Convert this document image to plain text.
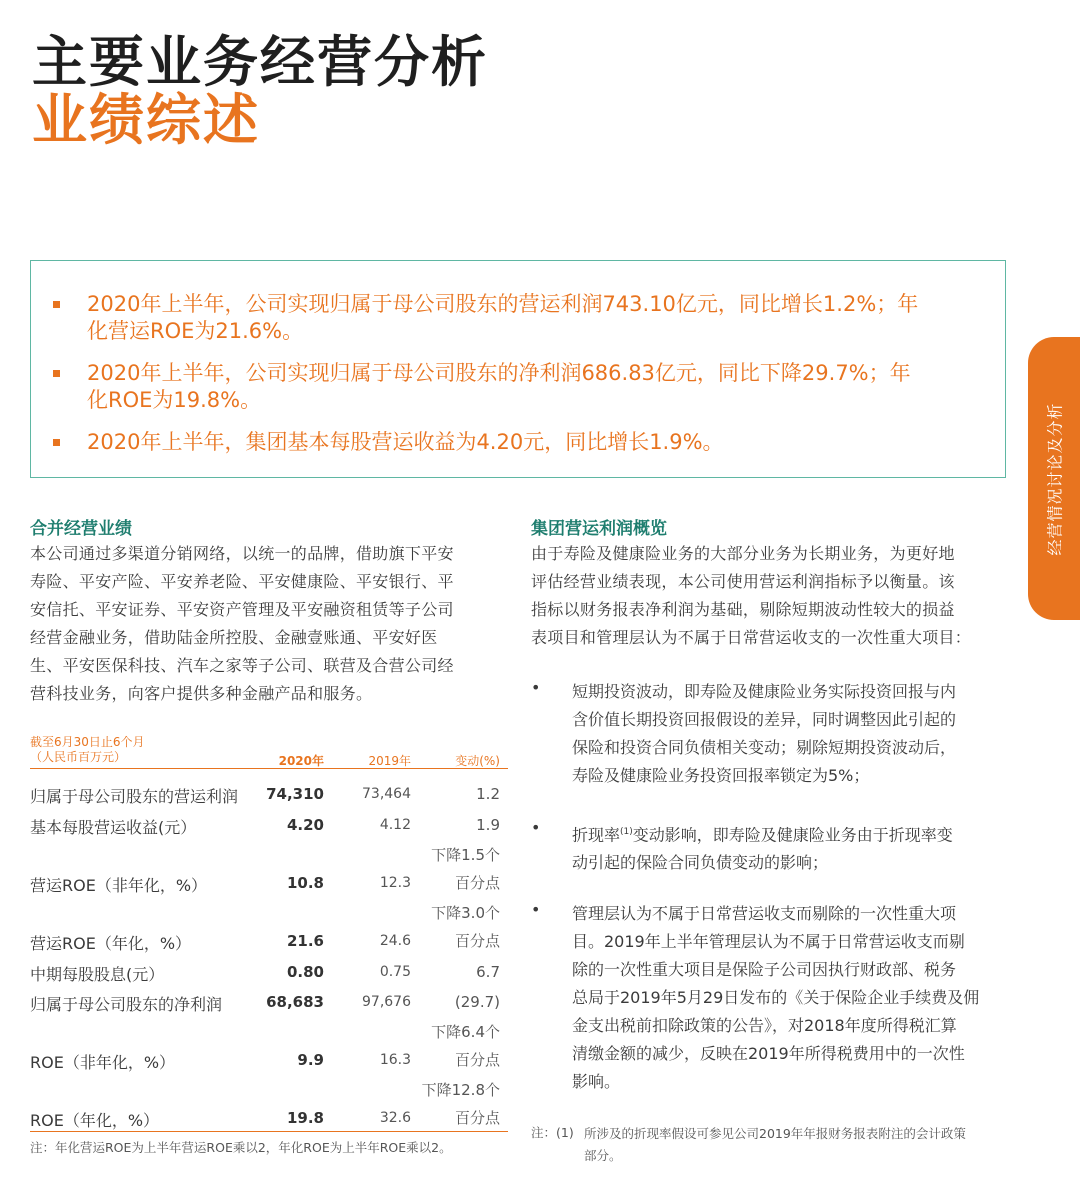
主要业务经营分析
业绩综述
2020年上半年，公司实现归属于母公司股东的营运利润743.10亿元，同比增长1.2%；年
化营运ROE为21.6%。
2020年上半年，公司实现归属于母公司股东的净利润686.83亿元，同比下降29.7%；年
化ROE为19.8%。
2020年上半年，集团基本每股营运收益为4.20元，同比增长1.9%。	经营情况讨论及分析
合并经营业绩
本公司通过多渠道分销网络，以统一的品牌，借助旗下平安
寿险、平安产险、平安养老险、平安健康险、平安银行、平
安信托、平安证券、平安资产管理及平安融资租赁等子公司
经营金融业务，借助陆金所控股、金融壹账通、平安好医
生、平安医保科技、汽车之家等子公司、联营及合营公司经
营科技业务，向客户提供多种金融产品和服务。
截至6月30日止6个月
（人民币百万元）	2020年	2019年	变动(%)
归属于母公司股东的营运利润	74,310	73,464	1.2
基本每股营运收益(元）	4.20	4.12	1.9
营运ROE（非年化，%）	10.8	12.3
下降1.5个
百分点
营运ROE（年化，%）	21.6	24.6
下降3.0个
百分点
中期每股股息(元）	0.80	0.75	6.7
归属于母公司股东的净利润	68,683	97,676	(29.7)
ROE（非年化，%）	9.9	16.3
下降6.4个
百分点
ROE（年化，%）	19.8	32.6
下降12.8个
百分点
注：年化营运ROE为上半年营运ROE乘以2，年化ROE为上半年ROE乘以2。
集团营运利润概览
由于寿险及健康险业务的大部分业务为长期业务，为更好地
评估经营业绩表现，本公司使用营运利润指标予以衡量。该
指标以财务报表净利润为基础，剔除短期波动性较大的损益
表项目和管理层认为不属于日常营运收支的一次性重大项目：
• 短期投资波动，即寿险及健康险业务实际投资回报与内
含价值长期投资回报假设的差异，同时调整因此引起的
保险和投资合同负债相关变动；剔除短期投资波动后，
寿险及健康险业务投资回报率锁定为5%；
• 折现率$^{(1)}$变动影响，即寿险及健康险业务由于折现率变
动引起的保险合同负债变动的影响；
• 管理层认为不属于日常营运收支而剔除的一次性重大项
目。2019年上半年管理层认为不属于日常营运收支而剔
除的一次性重大项目是保险子公司因执行财政部、税务
总局于2019年5月29日发布的《关于保险企业手续费及佣
金支出税前扣除政策的公告》，对2018年度所得税汇算
清缴金额的减少，反映在2019年所得税费用中的一次性
影响。
注：(1) 所涉及的折现率假设可参见公司2019年年报财务报表附注的会计政策
部分。
